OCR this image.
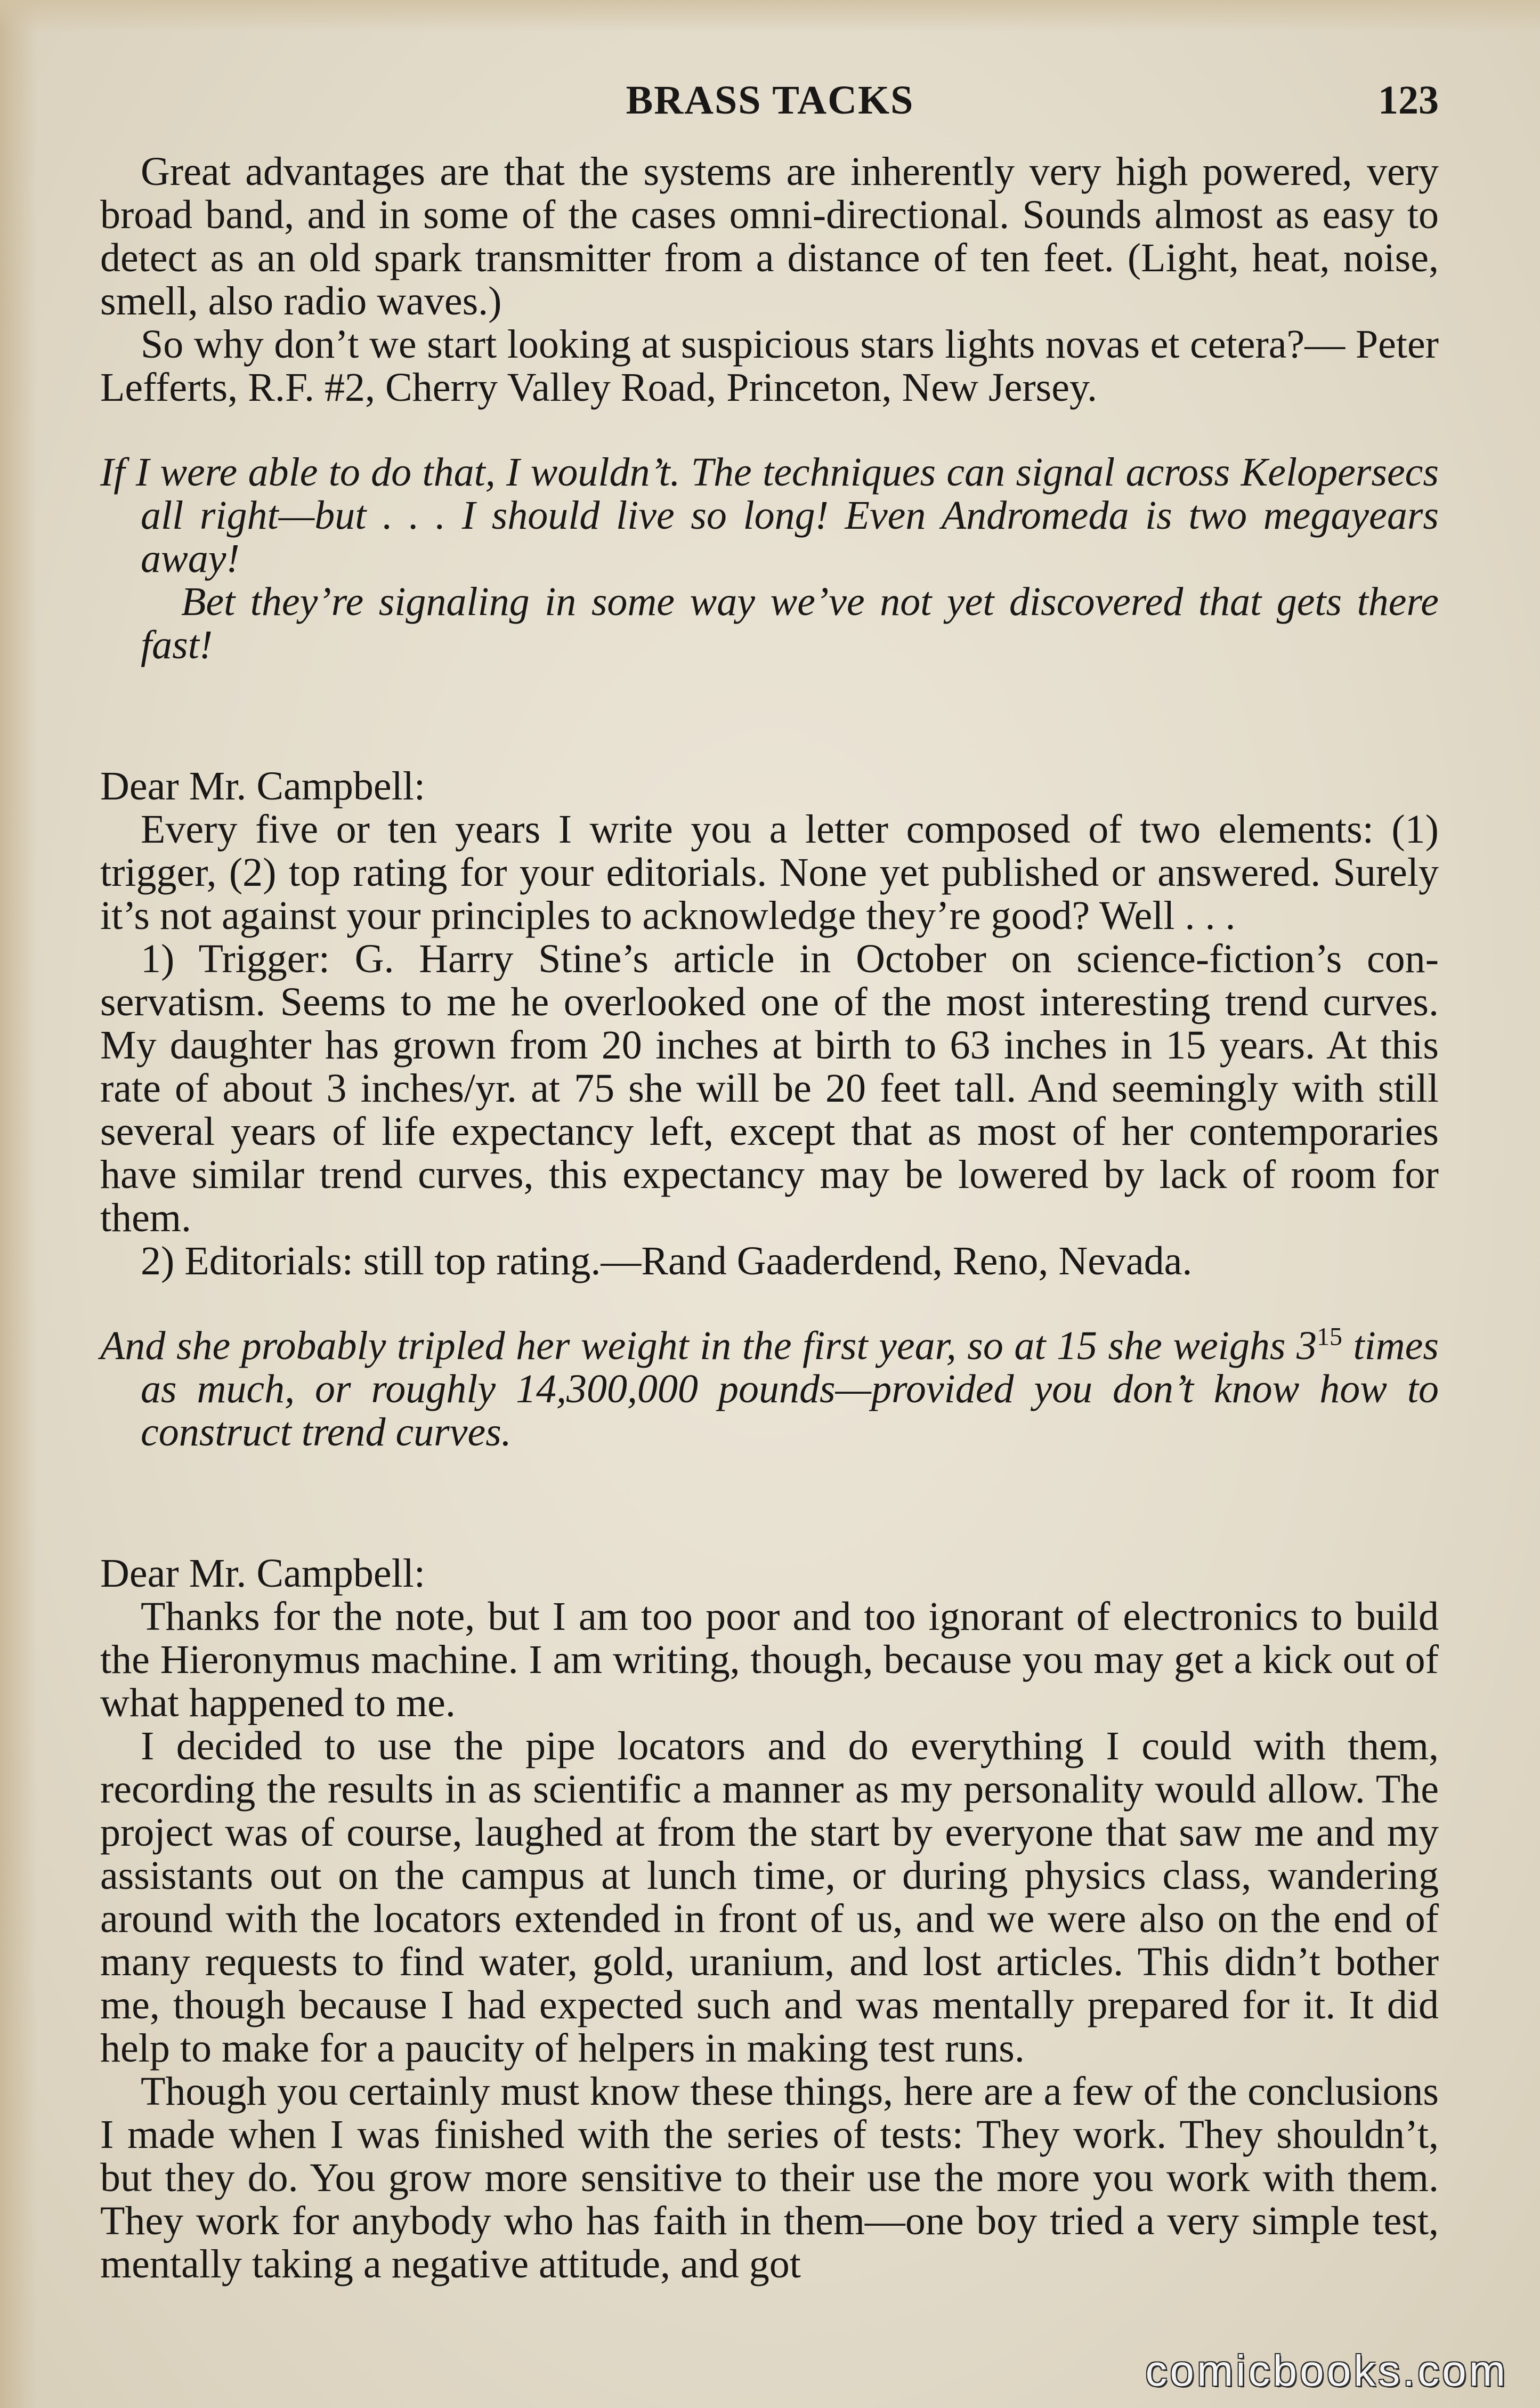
BRASS TACKS	123

Great advantages are that the systems are inherently very high powered, very broad band, and in some of the cases omni-directional. Sounds almost as easy to detect as an old spark transmitter from a distance of ten feet. (Light, heat, noise, smell, also radio waves.)

So why don’t we start looking at suspicious stars lights novas et cetera?— Peter Lefferts, R.F. #2, Cherry Valley Road, Princeton, New Jersey.

If I were able to do that, I wouldn’t. The techniques can signal across Kelopersecs all right—but . . . I should live so long! Even Andromeda is two megayears away!

Bet they’re signaling in some way we’ve not yet discovered that gets there fast!

Dear Mr. Campbell:

Every five or ten years I write you a letter composed of two elements: (1) trigger, (2) top rating for your editorials. None yet published or answered. Surely it’s not against your principles to acknowledge they’re good? Well . . .

1) Trigger: G. Harry Stine’s article in October on science-fiction’s conservatism. Seems to me he overlooked one of the most interesting trend curves. My daughter has grown from 20 inches at birth to 63 inches in 15 years. At this rate of about 3 inches/yr. at 75 she will be 20 feet tall. And seemingly with still several years of life expectancy left, except that as most of her contemporaries have similar trend curves, this expectancy may be lowered by lack of room for them.

2) Editorials: still top rating.—Rand Gaaderdend, Reno, Nevada.

And she probably tripled her weight in the first year, so at 15 she weighs $3^{15}$ times as much, or roughly 14,300,000 pounds—provided you don’t know how to construct trend curves.

Dear Mr. Campbell:

Thanks for the note, but I am too poor and too ignorant of electronics to build the Hieronymus machine. I am writing, though, because you may get a kick out of what happened to me.

I decided to use the pipe locators and do everything I could with them, recording the results in as scientific a manner as my personality would allow. The project was of course, laughed at from the start by everyone that saw me and my assistants out on the campus at lunch time, or during physics class, wandering around with the locators extended in front of us, and we were also on the end of many requests to find water, gold, uranium, and lost articles. This didn’t bother me, though because I had expected such and was mentally prepared for it. It did help to make for a paucity of helpers in making test runs.

Though you certainly must know these things, here are a few of the conclusions I made when I was finished with the series of tests: They work. They shouldn’t, but they do. You grow more sensitive to their use the more you work with them. They work for anybody who has faith in them—one boy tried a very simple test, mentally taking a negative attitude, and got

comicbooks.com
